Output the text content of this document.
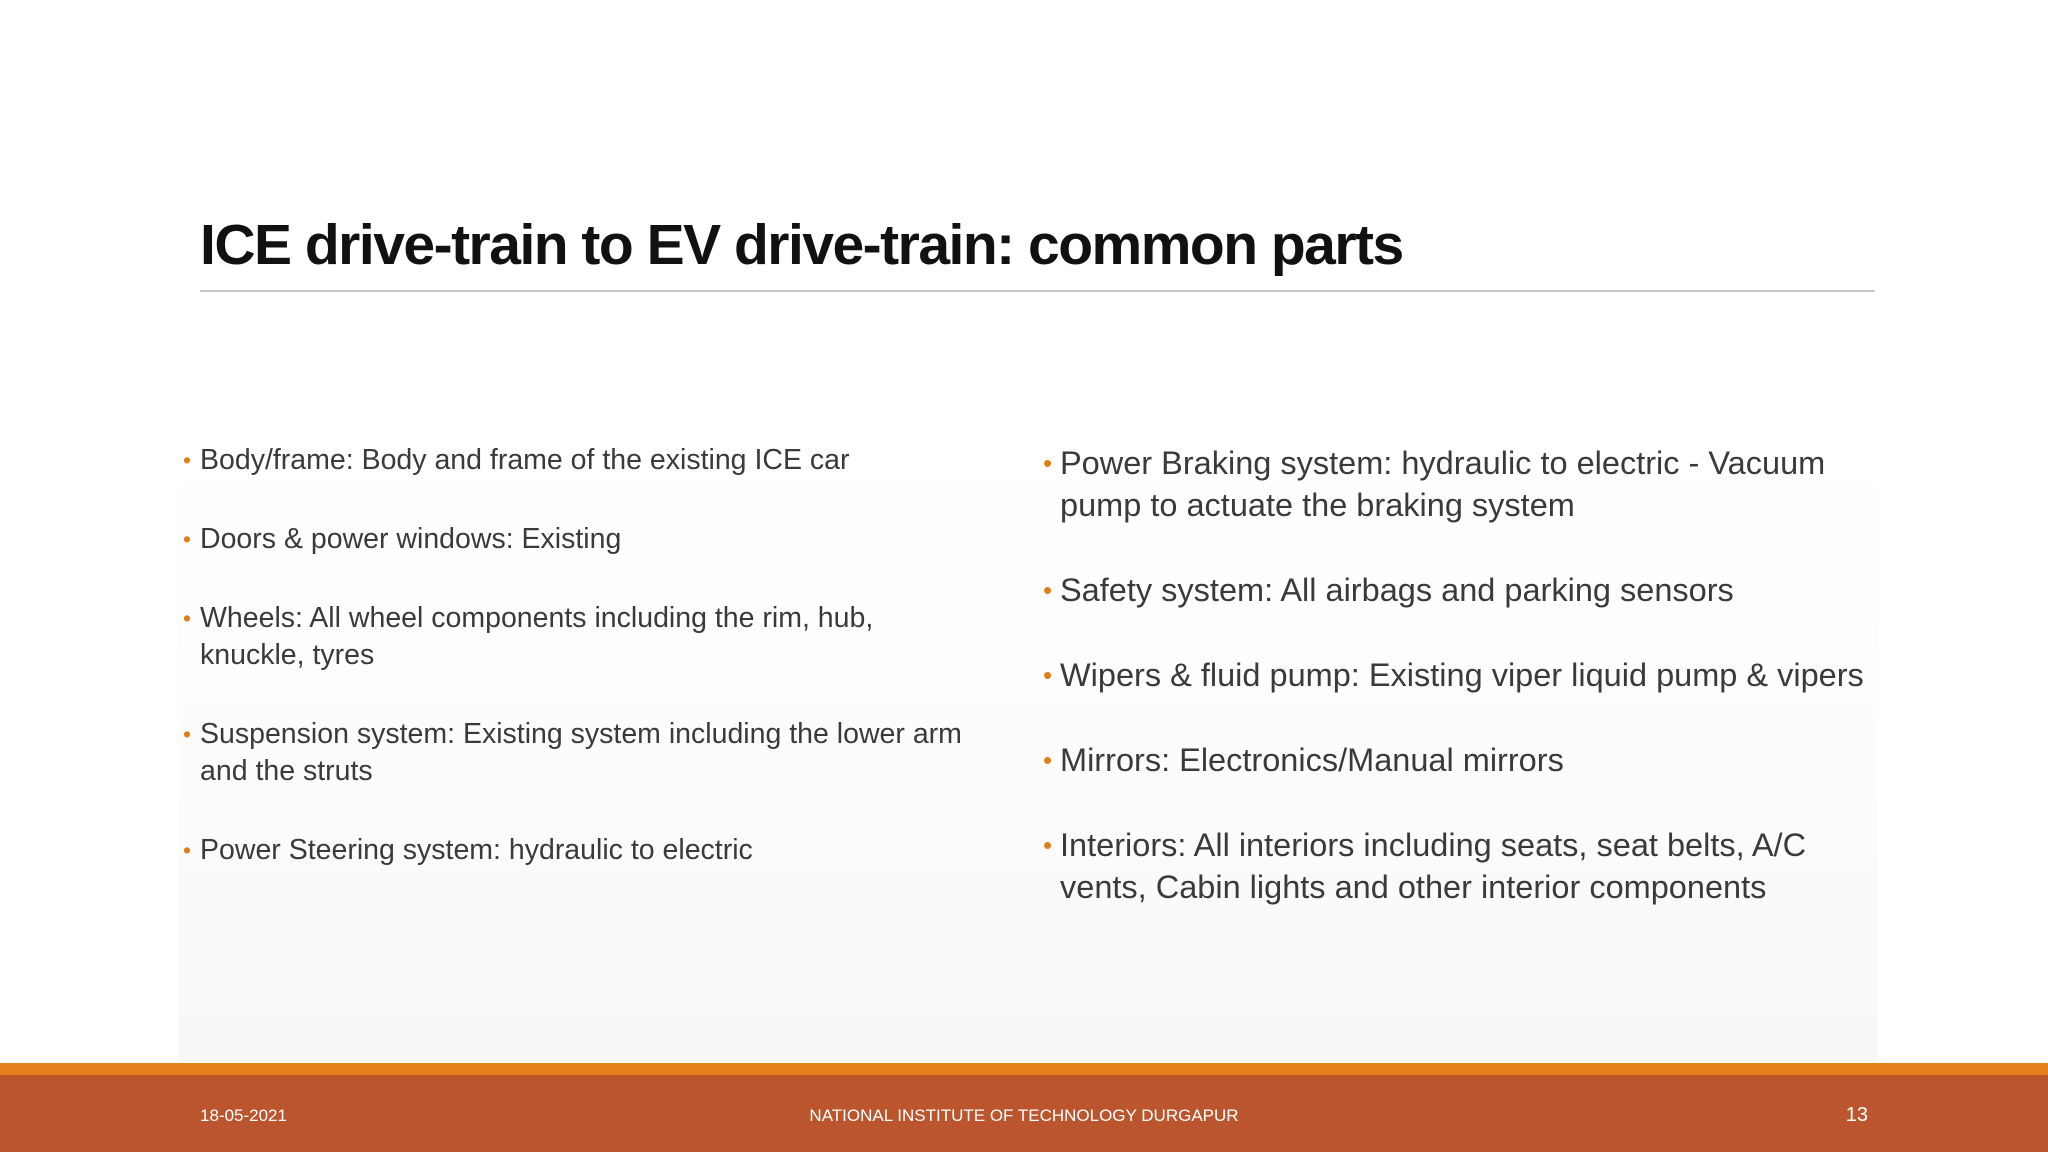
ICE drive-train to EV drive-train: common parts
• Body/frame: Body and frame of the existing ICE car
• Doors & power windows: Existing
• Wheels: All wheel components including the rim, hub, knuckle, tyres
• Suspension system: Existing system including the lower arm and the struts
• Power Steering system: hydraulic to electric
• Power Braking system: hydraulic to electric - Vacuum pump to actuate the braking system
• Safety system: All airbags and parking sensors
• Wipers & fluid pump: Existing viper liquid pump & vipers
• Mirrors: Electronics/Manual mirrors
• Interiors: All interiors including seats, seat belts, A/C vents, Cabin lights and other interior components
18-05-2021	NATIONAL INSTITUTE OF TECHNOLOGY DURGAPUR	13
